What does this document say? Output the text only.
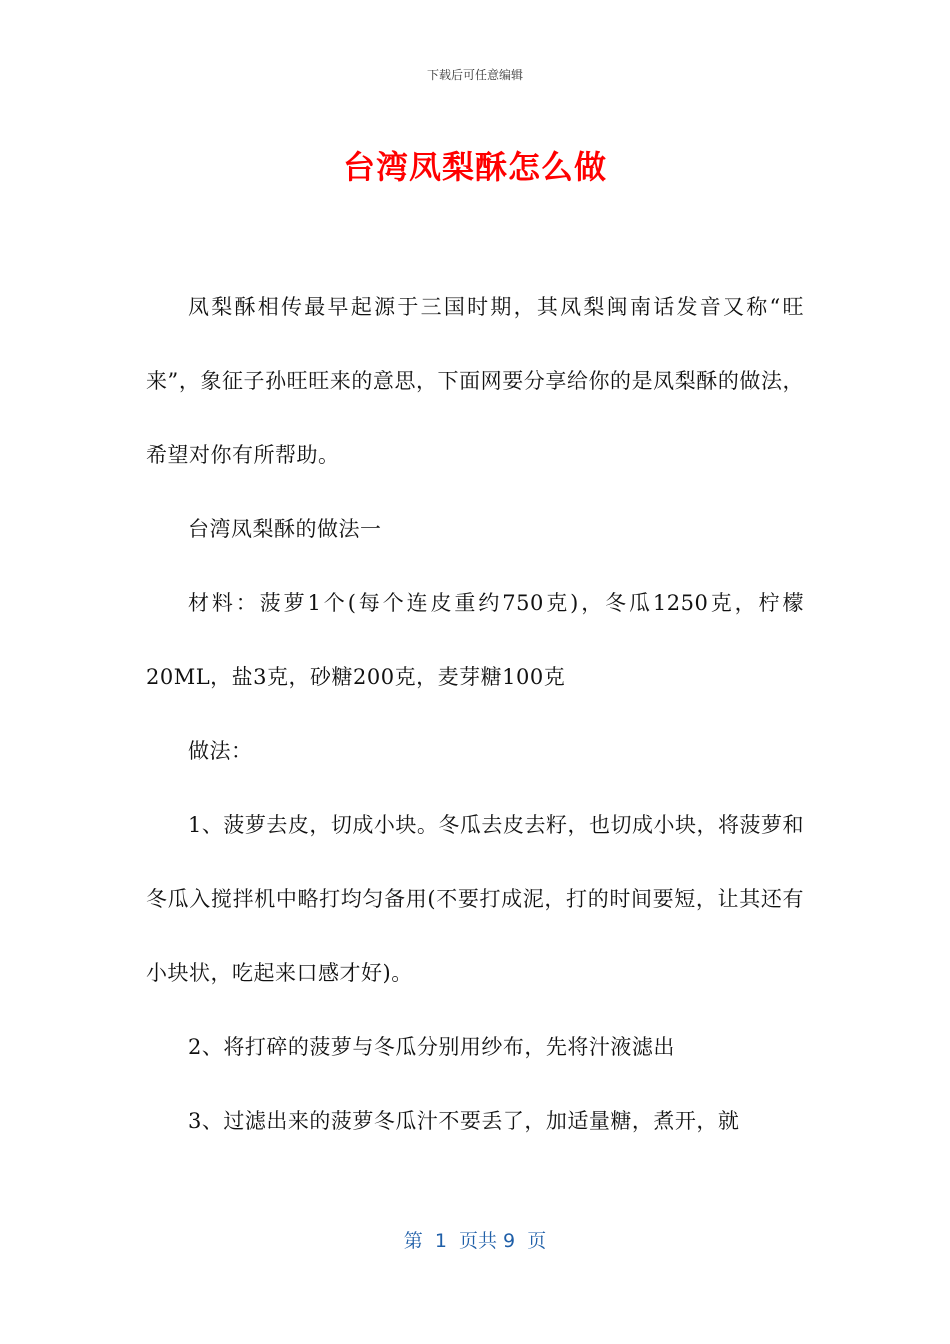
下载后可任意编辑
台湾凤梨酥怎么做

凤梨酥相传最早起源于三国时期，其凤梨闽南话发音又称“旺来”，象征子孙旺旺来的意思，下面网要分享给你的是凤梨酥的做法，希望对你有所帮助。

台湾凤梨酥的做法一

材料：菠萝1个(每个连皮重约750克)，冬瓜1250克，柠檬20ML，盐3克，砂糖200克，麦芽糖100克

做法：

1、菠萝去皮，切成小块。冬瓜去皮去籽，也切成小块，将菠萝和冬瓜入搅拌机中略打均匀备用(不要打成泥，打的时间要短，让其还有小块状，吃起来口感才好)。

2、将打碎的菠萝与冬瓜分别用纱布，先将汁液滤出

3、过滤出来的菠萝冬瓜汁不要丢了，加适量糖，煮开，就

第  1  页共 9  页
